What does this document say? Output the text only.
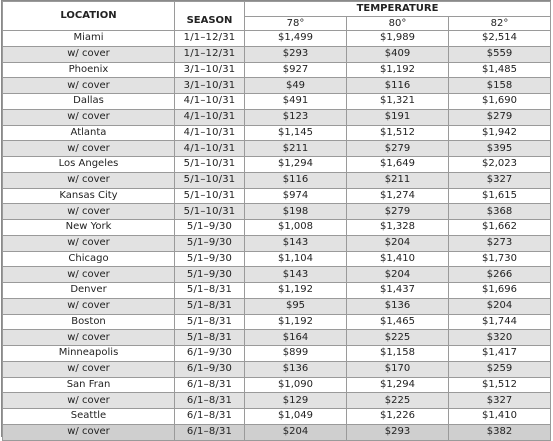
LOCATION	SEASON	TEMPERATURE		
		78°	80°	82°
Miami	1/1–12/31	$1,499	$1,989	$2,514
w/ cover	1/1–12/31	$293	$409	$559
Phoenix	3/1–10/31	$927	$1,192	$1,485
w/ cover	3/1–10/31	$49	$116	$158
Dallas	4/1–10/31	$491	$1,321	$1,690
w/ cover	4/1–10/31	$123	$191	$279
Atlanta	4/1–10/31	$1,145	$1,512	$1,942
w/ cover	4/1–10/31	$211	$279	$395
Los Angeles	5/1–10/31	$1,294	$1,649	$2,023
w/ cover	5/1–10/31	$116	$211	$327
Kansas City	5/1–10/31	$974	$1,274	$1,615
w/ cover	5/1–10/31	$198	$279	$368
New York	5/1–9/30	$1,008	$1,328	$1,662
w/ cover	5/1–9/30	$143	$204	$273
Chicago	5/1–9/30	$1,104	$1,410	$1,730
w/ cover	5/1–9/30	$143	$204	$266
Denver	5/1–8/31	$1,192	$1,437	$1,696
w/ cover	5/1–8/31	$95	$136	$204
Boston	5/1–8/31	$1,192	$1,465	$1,744
w/ cover	5/1–8/31	$164	$225	$320
Minneapolis	6/1–9/30	$899	$1,158	$1,417
w/ cover	6/1–9/30	$136	$170	$259
San Fran	6/1–8/31	$1,090	$1,294	$1,512
w/ cover	6/1–8/31	$129	$225	$327
Seattle	6/1–8/31	$1,049	$1,226	$1,410
w/ cover	6/1–8/31	$204	$293	$382
